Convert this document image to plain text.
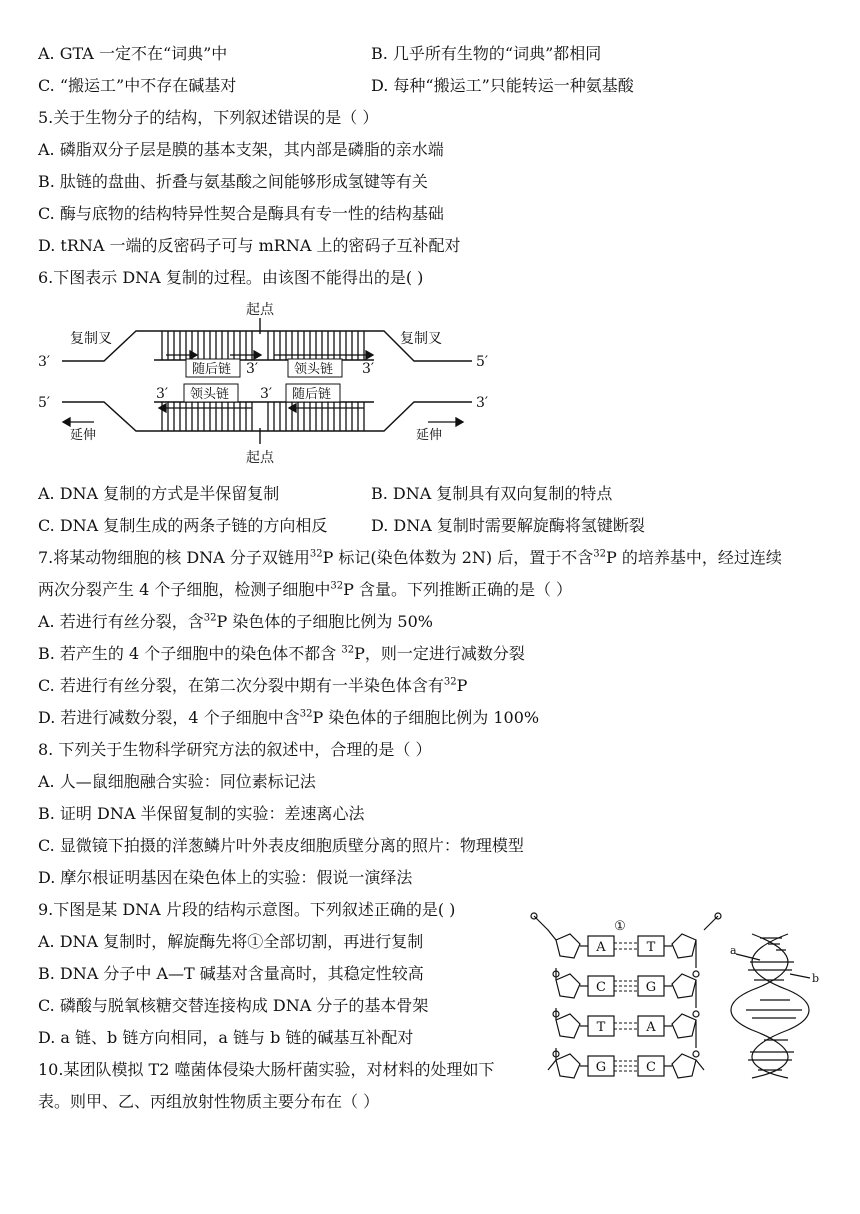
A. GTA 一定不在“词典”中	B. 几乎所有生物的“词典”都相同
C. “搬运工”中不存在碱基对	D. 每种“搬运工”只能转运一种氨基酸
5.关于生物分子的结构，下列叙述错误的是（ ）
A. 磷脂双分子层是膜的基本支架，其内部是磷脂的亲水端
B. 肽链的盘曲、折叠与氨基酸之间能够形成氢键等有关
C. 酶与底物的结构特异性契合是酶具有专一性的结构基础
D. tRNA 一端的反密码子可与 mRNA 上的密码子互补配对
6.下图表示 DNA 复制的过程。由该图不能得出的是( )
起点
起点
复制叉	复制叉
延伸	延伸
随后链	领头链
领头链	随后链
3′	5′
5′	3′
3′	3′
3′	3′
A. DNA 复制的方式是半保留复制	B. DNA 复制具有双向复制的特点
C. DNA 复制生成的两条子链的方向相反	D. DNA 复制时需要解旋酶将氢键断裂
7.将某动物细胞的核 DNA 分子双链用$^{32}$P 标记(染色体数为 2N) 后，置于不含$^{32}$P 的培养基中，经过连续
两次分裂产生 4 个子细胞，检测子细胞中$^{32}$P 含量。下列推断正确的是（ ）
A. 若进行有丝分裂，含$^{32}$P 染色体的子细胞比例为 50%
B. 若产生的 4 个子细胞中的染色体不都含 $^{32}$P，则一定进行减数分裂
C. 若进行有丝分裂，在第二次分裂中期有一半染色体含有$^{32}$P
D. 若进行减数分裂，4 个子细胞中含$^{32}$P 染色体的子细胞比例为 100%
8. 下列关于生物科学研究方法的叙述中，合理的是（ ）
A. 人—鼠细胞融合实验：同位素标记法
B. 证明 DNA 半保留复制的实验：差速离心法
C. 显微镜下拍摄的洋葱鳞片叶外表皮细胞质壁分离的照片：物理模型
D. 摩尔根证明基因在染色体上的实验：假说一演绎法
9.下图是某 DNA 片段的结构示意图。下列叙述正确的是( )
A. DNA 复制时，解旋酶先将①全部切割，再进行复制
B. DNA 分子中 A—T 碱基对含量高时，其稳定性较高
C. 磷酸与脱氧核糖交替连接构成 DNA 分子的基本骨架
D. a 链、b 链方向相同，a 链与 b 链的碱基互补配对
①
A	T
C	G
T	A
G	C
a
b
10.某团队模拟 T2 噬菌体侵染大肠杆菌实验，对材料的处理如下
表。则甲、乙、丙组放射性物质主要分布在（ ）
